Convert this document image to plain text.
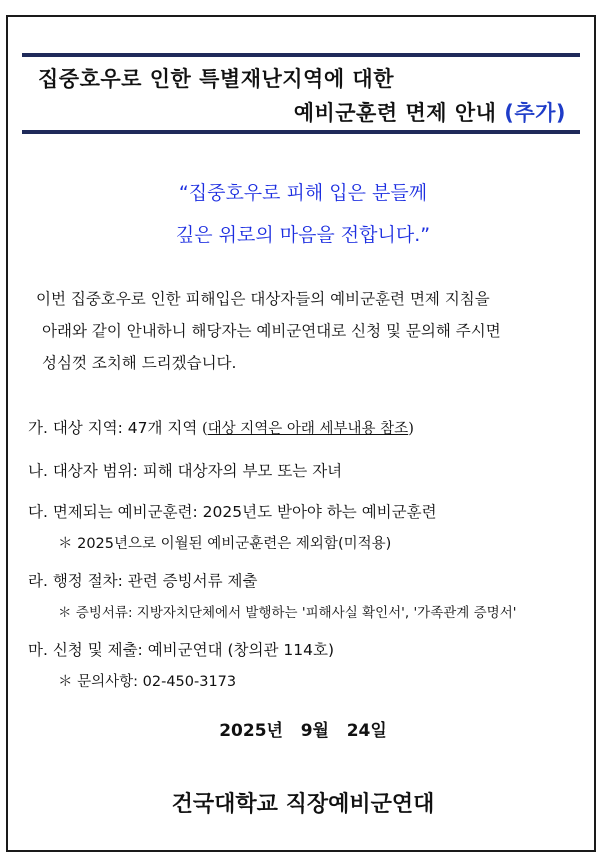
집중호우로 인한 특별재난지역에 대한
예비군훈련 면제 안내 (추가)
“집중호우로 피해 입은 분들께
깊은 위로의 마음을 전합니다.”
이번 집중호우로 인한 피해입은 대상자들의 예비군훈련 면제 지침을
아래와 같이 안내하니 해당자는 예비군연대로 신청 및 문의해 주시면
성심껏 조치해 드리겠습니다.
가. 대상 지역: 47개 지역 (대상 지역은 아래 세부내용 참조)
나. 대상자 범위: 피해 대상자의 부모 또는 자녀
다. 면제되는 예비군훈련: 2025년도 받아야 하는 예비군훈련
＊ 2025년으로 이월된 예비군훈련은 제외함(미적용)
라. 행정 절차: 관련 증빙서류 제출
＊ 증빙서류: 지방자치단체에서 발행하는 '피해사실 확인서', '가족관계 증명서'
마. 신청 및 제출: 예비군연대 (창의관 114호)
＊ 문의사항: 02-450-3173
2025년   9월   24일
건국대학교 직장예비군연대
